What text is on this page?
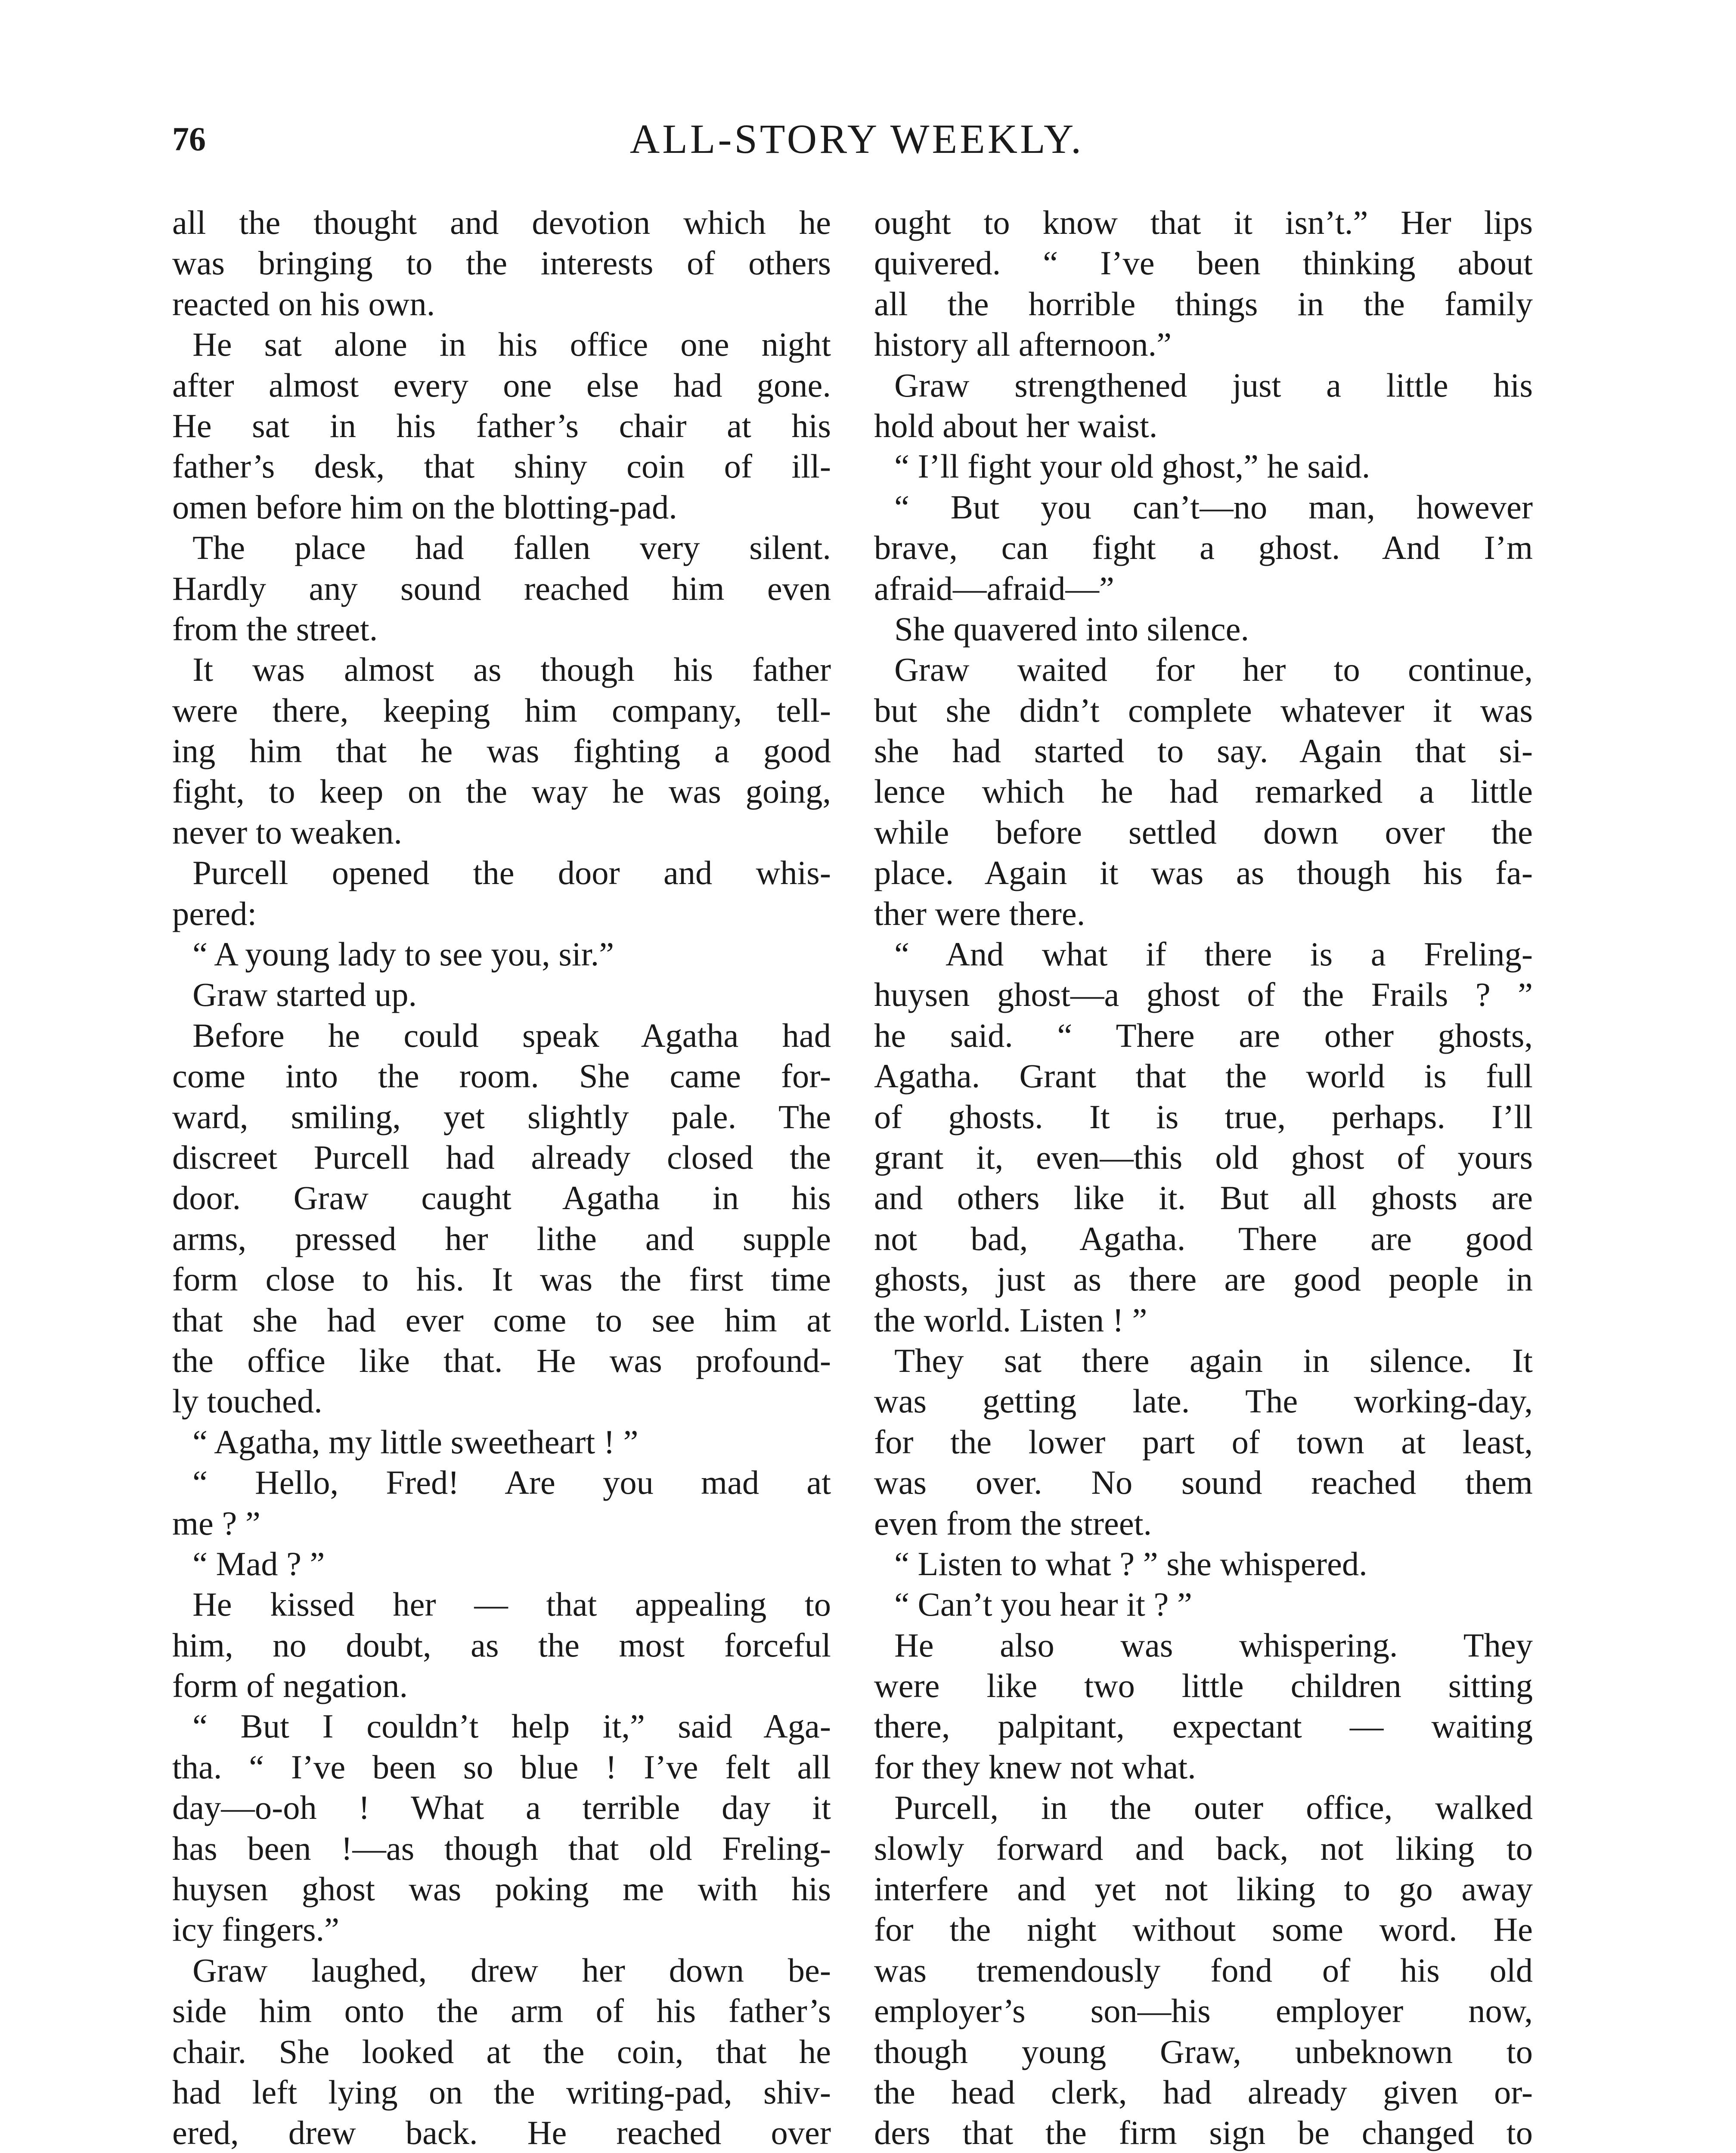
76	ALL-STORY WEEKLY.
all the thought and devotion which he
was bringing to the interests of others
reacted on his own.
He sat alone in his office one night
after almost every one else had gone.
He sat in his father’s chair at his
father’s desk, that shiny coin of ill-
omen before him on the blotting-pad.
The place had fallen very silent.
Hardly any sound reached him even
from the street.
It was almost as though his father
were there, keeping him company, tell-
ing him that he was fighting a good
fight, to keep on the way he was going,
never to weaken.
Purcell opened the door and whis-
pered:
“ A young lady to see you, sir.”
Graw started up.
Before he could speak Agatha had
come into the room. She came for-
ward, smiling, yet slightly pale. The
discreet Purcell had already closed the
door. Graw caught Agatha in his
arms, pressed her lithe and supple
form close to his. It was the first time
that she had ever come to see him at
the office like that. He was profound-
ly touched.
“ Agatha, my little sweetheart ! ”
“ Hello, Fred! Are you mad at
me ? ”
“ Mad ? ”
He kissed her — that appealing to
him, no doubt, as the most forceful
form of negation.
“ But I couldn’t help it,” said Aga-
tha. “ I’ve been so blue ! I’ve felt all
day—o-oh ! What a terrible day it
has been !—as though that old Freling-
huysen ghost was poking me with his
icy fingers.”
Graw laughed, drew her down be-
side him onto the arm of his father’s
chair. She looked at the coin, that he
had left lying on the writing-pad, shiv-
ered, drew back. He reached over
ought to know that it isn’t.” Her lips
quivered. “ I’ve been thinking about
all the horrible things in the family
history all afternoon.”
Graw strengthened just a little his
hold about her waist.
“ I’ll fight your old ghost,” he said.
“ But you can’t—no man, however
brave, can fight a ghost. And I’m
afraid—afraid—”
She quavered into silence.
Graw waited for her to continue,
but she didn’t complete whatever it was
she had started to say. Again that si-
lence which he had remarked a little
while before settled down over the
place. Again it was as though his fa-
ther were there.
“ And what if there is a Freling-
huysen ghost—a ghost of the Frails ? ”
he said. “ There are other ghosts,
Agatha. Grant that the world is full
of ghosts. It is true, perhaps. I’ll
grant it, even—this old ghost of yours
and others like it. But all ghosts are
not bad, Agatha. There are good
ghosts, just as there are good people in
the world. Listen ! ”
They sat there again in silence. It
was getting late. The working-day,
for the lower part of town at least,
was over. No sound reached them
even from the street.
“ Listen to what ? ” she whispered.
“ Can’t you hear it ? ”
He also was whispering. They
were like two little children sitting
there, palpitant, expectant — waiting
for they knew not what.
Purcell, in the outer office, walked
slowly forward and back, not liking to
interfere and yet not liking to go away
for the night without some word. He
was tremendously fond of his old
employer’s son—his employer now,
though young Graw, unbeknown to
the head clerk, had already given or-
ders that the firm sign be changed to
